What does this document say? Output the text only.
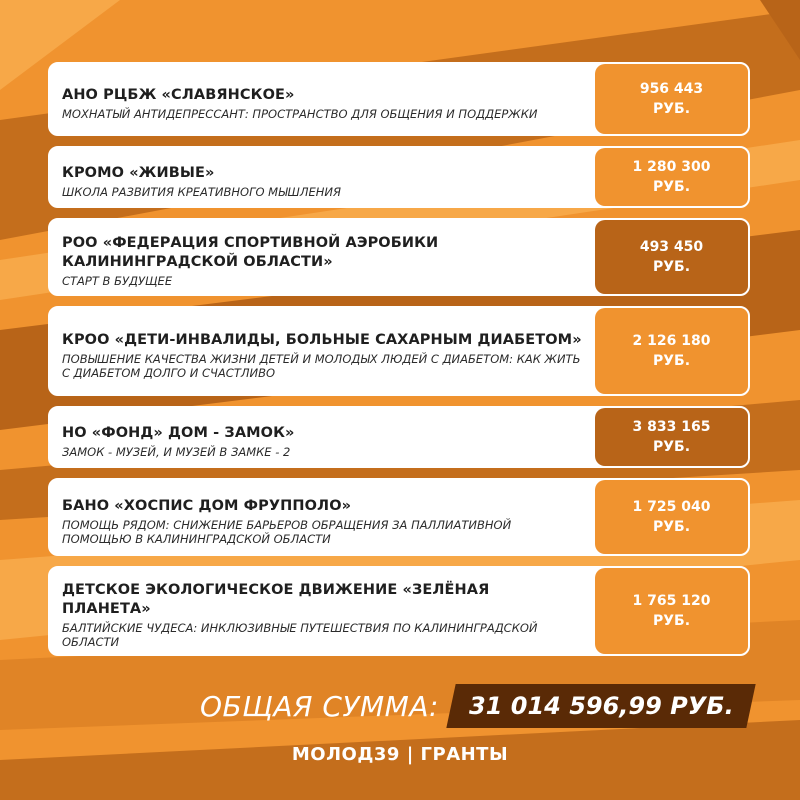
АНО РЦБЖ «СЛАВЯНСКОЕ»
МОХНАТЫЙ АНТИДЕПРЕССАНТ: ПРОСТРАНСТВО ДЛЯ ОБЩЕНИЯ И ПОДДЕРЖКИ
956 443
РУБ.
КРОМО «ЖИВЫЕ»
ШКОЛА РАЗВИТИЯ КРЕАТИВНОГО МЫШЛЕНИЯ
1 280 300
РУБ.
РОО «ФЕДЕРАЦИЯ СПОРТИВНОЙ АЭРОБИКИ КАЛИНИНГРАДСКОЙ ОБЛАСТИ»
СТАРТ В БУДУЩЕЕ
493 450
РУБ.
КРОО «ДЕТИ-ИНВАЛИДЫ, БОЛЬНЫЕ САХАРНЫМ ДИАБЕТОМ»
ПОВЫШЕНИЕ КАЧЕСТВА ЖИЗНИ ДЕТЕЙ И МОЛОДЫХ ЛЮДЕЙ С ДИАБЕТОМ: КАК ЖИТЬ С ДИАБЕТОМ ДОЛГО И СЧАСТЛИВО
2 126 180
РУБ.
НО «ФОНД» ДОМ - ЗАМОК»
ЗАМОК - МУЗЕЙ, И МУЗЕЙ В ЗАМКЕ - 2
3 833 165
РУБ.
БАНО «ХОСПИС ДОМ ФРУППОЛО»
ПОМОЩЬ РЯДОМ: СНИЖЕНИЕ БАРЬЕРОВ ОБРАЩЕНИЯ ЗА ПАЛЛИАТИВНОЙ ПОМОЩЬЮ В КАЛИНИНГРАДСКОЙ ОБЛАСТИ
1 725 040
РУБ.
ДЕТСКОЕ ЭКОЛОГИЧЕСКОЕ ДВИЖЕНИЕ «ЗЕЛЁНАЯ ПЛАНЕТА»
БАЛТИЙСКИЕ ЧУДЕСА: ИНКЛЮЗИВНЫЕ ПУТЕШЕСТВИЯ ПО КАЛИНИНГРАДСКОЙ ОБЛАСТИ
1 765 120
РУБ.
ОБЩАЯ СУММА: 31 014 596,99 РУБ.
МОЛОД39 | ГРАНТЫ
